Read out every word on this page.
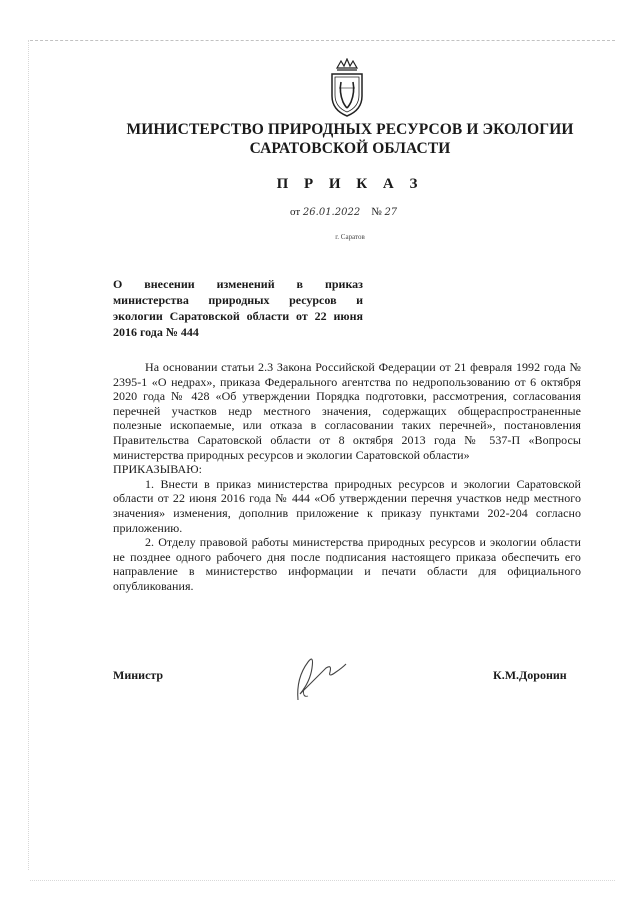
МИНИСТЕРСТВО ПРИРОДНЫХ РЕСУРСОВ И ЭКОЛОГИИ
САРАТОВСКОЙ ОБЛАСТИ
П Р И К А З
от 26.01.2022 № 27
г. Саратов
О внесении изменений в приказ министерства природных ресурсов и экологии Саратовской области от 22 июня 2016 года № 444

На основании статьи 2.3 Закона Российской Федерации от 21 февраля 1992 года № 2395-1 «О недрах», приказа Федерального агентства по недропользованию от 6 октября 2020 года № 428 «Об утверждении Порядка подготовки, рассмотрения, согласования перечней участков недр местного значения, содержащих общераспространенные полезные ископаемые, или отказа в согласовании таких перечней», постановления Правительства Саратовской области от 8 октября 2013 года № 537-П «Вопросы министерства природных ресурсов и экологии Саратовской области»

ПРИКАЗЫВАЮ:

1. Внести в приказ министерства природных ресурсов и экологии Саратовской области от 22 июня 2016 года № 444 «Об утверждении перечня участков недр местного значения» изменения, дополнив приложение к приказу пунктами 202-204 согласно приложению.

2. Отделу правовой работы министерства природных ресурсов и экологии области не позднее одного рабочего дня после подписания настоящего приказа обеспечить его направление в министерство информации и печати области для официального опубликования.

Министр	К.М.Доронин
